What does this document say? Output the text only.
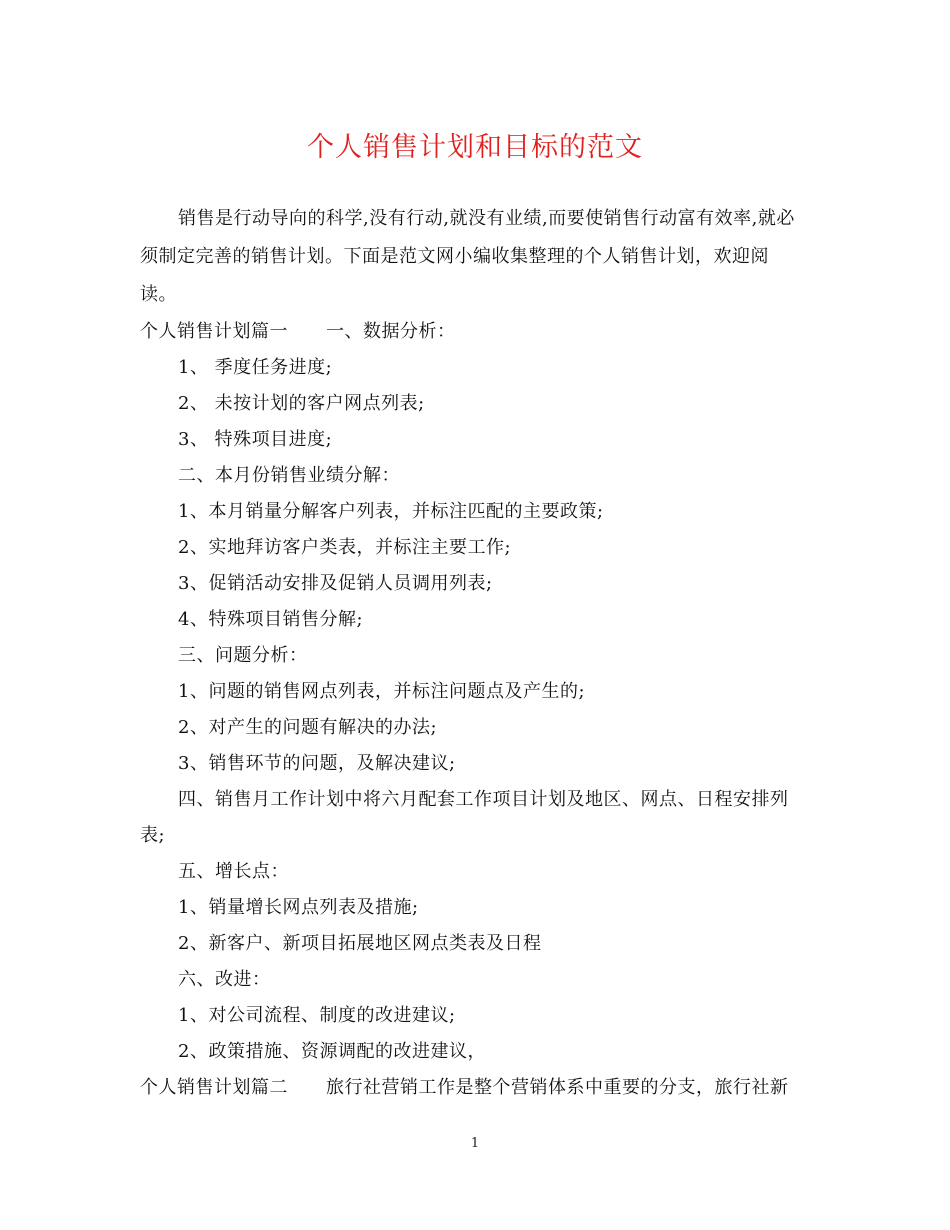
个人销售计划和目标的范文

销售是行动导向的科学,没有行动,就没有业绩,而要使销售行动富有效率,就必须制定完善的销售计划。下面是范文网小编收集整理的个人销售计划，欢迎阅读。

个人销售计划篇一 一、数据分析：
1、 季度任务进度;
2、 未按计划的客户网点列表;
3、 特殊项目进度;
二、本月份销售业绩分解：
1、本月销量分解客户列表，并标注匹配的主要政策;
2、实地拜访客户类表，并标注主要工作;
3、促销活动安排及促销人员调用列表;
4、特殊项目销售分解;
三、问题分析：
1、问题的销售网点列表，并标注问题点及产生的;
2、对产生的问题有解决的办法;
3、销售环节的问题，及解决建议;

四、销售月工作计划中将六月配套工作项目计划及地区、网点、日程安排列表;

五、增长点：
1、销量增长网点列表及措施;
2、新客户、新项目拓展地区网点类表及日程
六、改进：
1、对公司流程、制度的改进建议;
2、政策措施、资源调配的改进建议，
个人销售计划篇二 旅行社营销工作是整个营销体系中重要的分支，旅行社新
1
